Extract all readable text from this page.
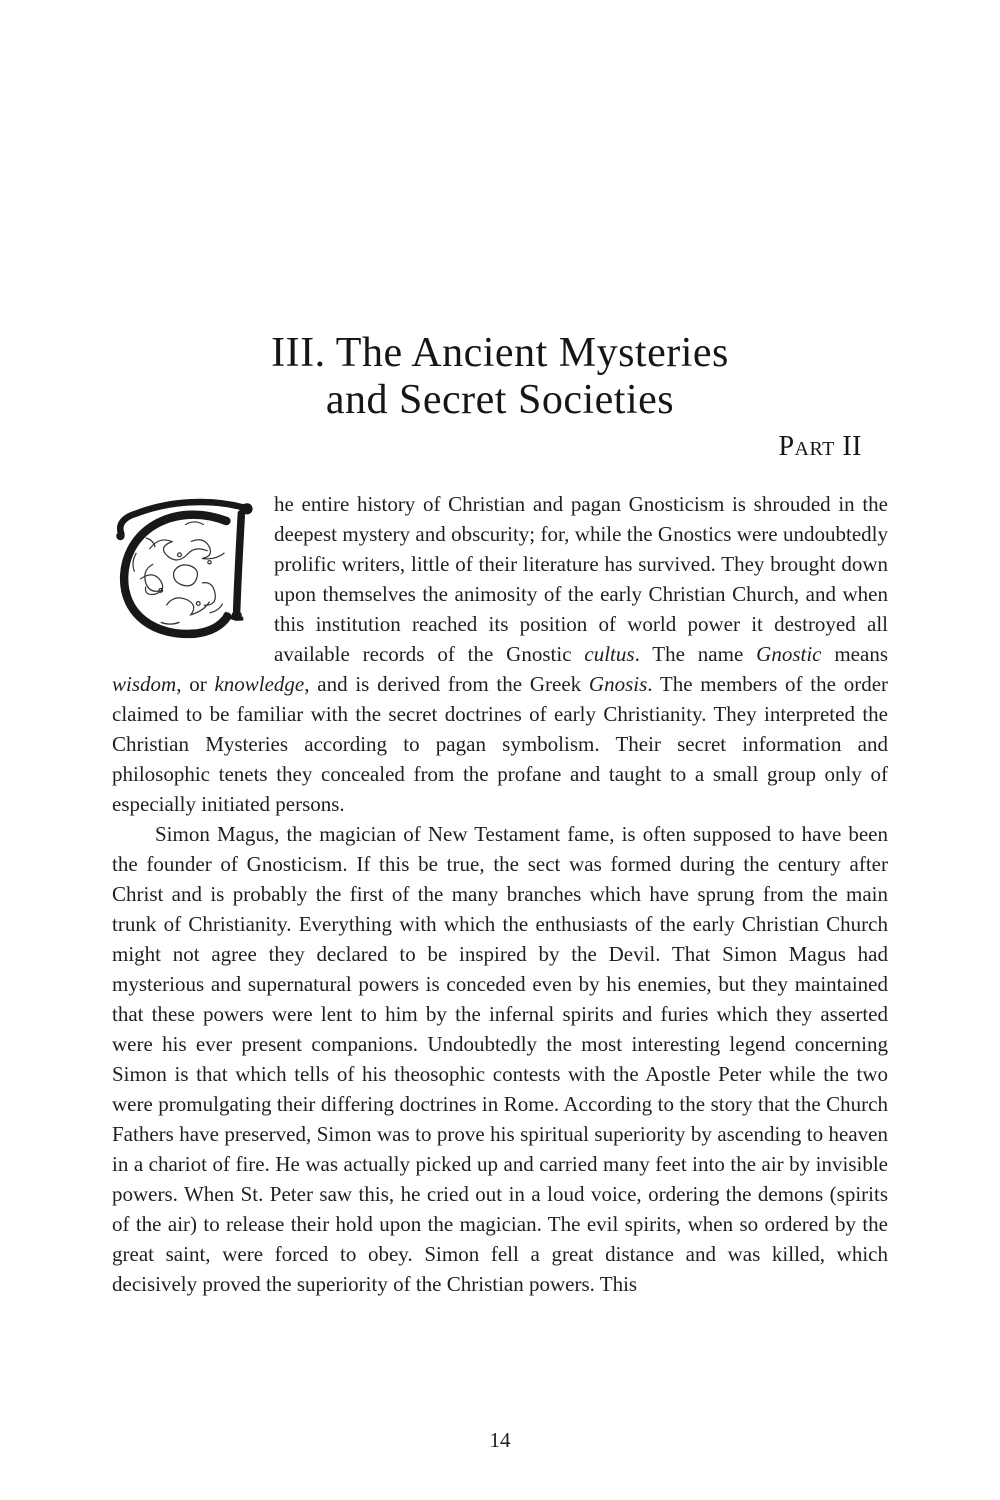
III. The Ancient Mysteries
and Secret Societies
Part II

he entire history of Christian and pagan Gnosticism is shrouded in the deepest mystery and obscurity; for, while the Gnostics were undoubtedly prolific writers, little of their literature has survived. They brought down upon themselves the animosity of the early Christian Church, and when this institution reached its position of world power it destroyed all available records of the Gnostic cultus. The name Gnostic means wisdom, or knowledge, and is derived from the Greek Gnosis. The members of the order claimed to be familiar with the secret doctrines of early Christianity. They interpreted the Christian Mysteries according to pagan symbolism. Their secret information and philosophic tenets they concealed from the profane and taught to a small group only of especially initiated persons.

Simon Magus, the magician of New Testament fame, is often supposed to have been the founder of Gnosticism. If this be true, the sect was formed during the century after Christ and is probably the first of the many branches which have sprung from the main trunk of Christianity. Everything with which the enthusiasts of the early Christian Church might not agree they declared to be inspired by the Devil. That Simon Magus had mysterious and supernatural powers is conceded even by his enemies, but they maintained that these powers were lent to him by the infernal spirits and furies which they asserted were his ever present companions. Undoubtedly the most interesting legend concerning Simon is that which tells of his theosophic contests with the Apostle Peter while the two were promulgating their differing doctrines in Rome. According to the story that the Church Fathers have preserved, Simon was to prove his spiritual superiority by ascending to heaven in a chariot of fire. He was actually picked up and carried many feet into the air by invisible powers. When St. Peter saw this, he cried out in a loud voice, ordering the demons (spirits of the air) to release their hold upon the magician. The evil spirits, when so ordered by the great saint, were forced to obey. Simon fell a great distance and was killed, which decisively proved the superiority of the Christian powers. This

14
